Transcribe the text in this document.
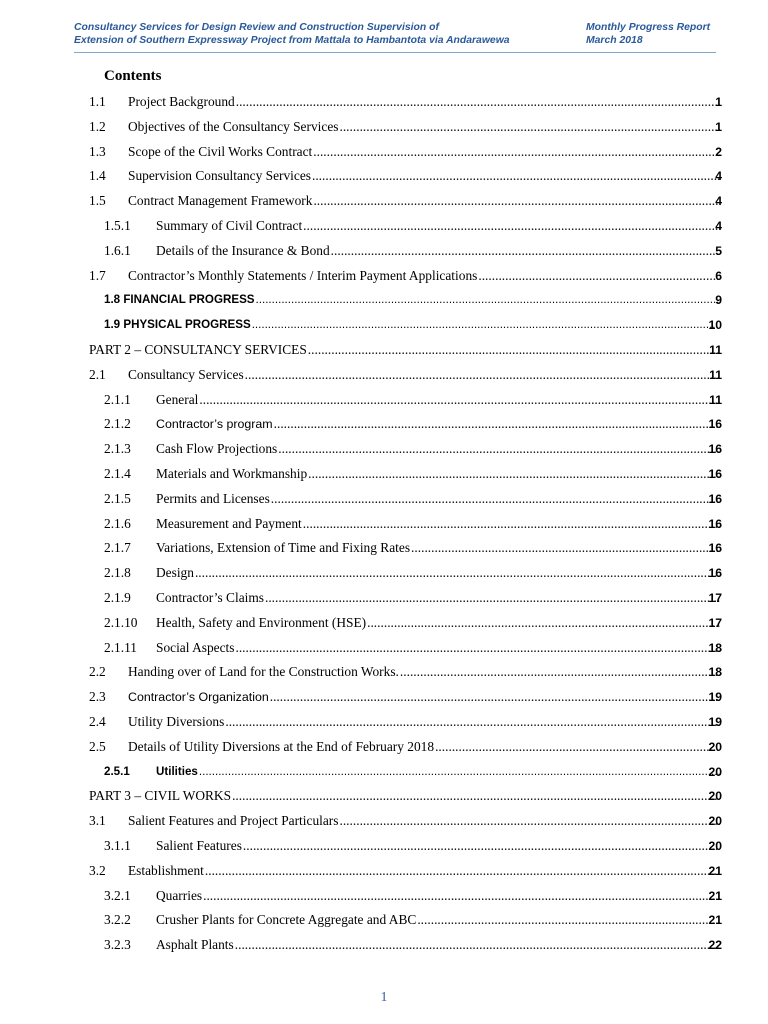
Consultancy Services for Design Review and Construction Supervision of
Extension of Southern Expressway Project from Mattala to Hambantota via Andarawewa
Monthly Progress Report
March 2018
Contents
1.1 Project Background .....	1
1.2 Objectives of the Consultancy Services .....	1
1.3 Scope of the Civil Works Contract .....	2
1.4 Supervision Consultancy Services .....	4
1.5 Contract Management Framework .....	4
1.5.1 Summary of Civil Contract .....	4
1.6.1 Details of the Insurance & Bond .....	5
1.7 Contractor’s Monthly Statements / Interim Payment Applications .....	6
1.8 FINANCIAL PROGRESS .....	9
1.9 PHYSICAL PROGRESS .....	10
PART 2 – CONSULTANCY SERVICES .....	11
2.1 Consultancy Services .....	11
2.1.1 General .....	11
2.1.2 Contractor’s program .....	16
2.1.3 Cash Flow Projections .....	16
2.1.4 Materials and Workmanship .....	16
2.1.5 Permits and Licenses .....	16
2.1.6 Measurement and Payment .....	16
2.1.7 Variations, Extension of Time and Fixing Rates .....	16
2.1.8 Design .....	16
2.1.9 Contractor’s Claims .....	17
2.1.10 Health, Safety and Environment (HSE) .....	17
2.1.11 Social Aspects .....	18
2.2 Handing over of Land for the Construction Works. .....	18
2.3 Contractor’s Organization .....	19
2.4 Utility Diversions .....	19
2.5 Details of Utility Diversions at the End of February 2018 .....	20
2.5.1 Utilities .....	20
PART 3 – CIVIL WORKS .....	20
3.1 Salient Features and Project Particulars .....	20
3.1.1 Salient Features .....	20
3.2 Establishment .....	21
3.2.1 Quarries .....	21
3.2.2 Crusher Plants for Concrete Aggregate and ABC .....	21
3.2.3 Asphalt Plants .....	22
1
